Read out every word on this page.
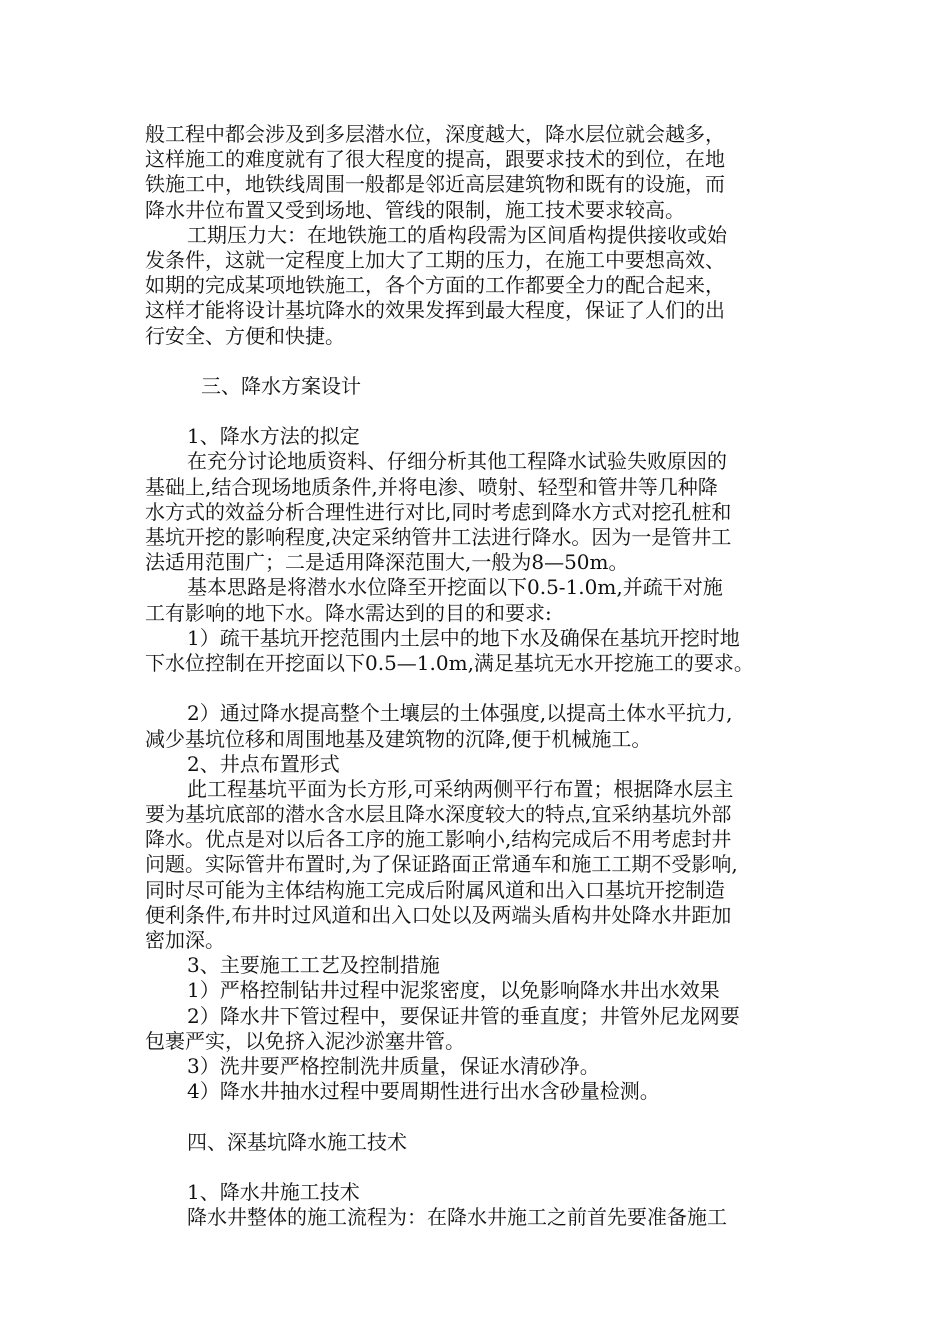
般工程中都会涉及到多层潜水位，深度越大，降水层位就会越多，
这样施工的难度就有了很大程度的提高，跟要求技术的到位，在地
铁施工中，地铁线周围一般都是邻近高层建筑物和既有的设施，而
降水井位布置又受到场地、管线的限制，施工技术要求较高。
工期压力大：在地铁施工的盾构段需为区间盾构提供接收或始
发条件，这就一定程度上加大了工期的压力，在施工中要想高效、
如期的完成某项地铁施工，各个方面的工作都要全力的配合起来，
这样才能将设计基坑降水的效果发挥到最大程度，保证了人们的出
行安全、方便和快捷。
三、降水方案设计
1、降水方法的拟定
在充分讨论地质资料、仔细分析其他工程降水试验失败原因的
基础上,结合现场地质条件,并将电渗、喷射、轻型和管井等几种降
水方式的效益分析合理性进行对比,同时考虑到降水方式对挖孔桩和
基坑开挖的影响程度,决定采纳管井工法进行降水。因为一是管井工
法适用范围广；二是适用降深范围大,一般为8—50m。
基本思路是将潜水水位降至开挖面以下0.5-1.0m,并疏干对施
工有影响的地下水。降水需达到的目的和要求:
1）疏干基坑开挖范围内土层中的地下水及确保在基坑开挖时地
下水位控制在开挖面以下0.5—1.0m,满足基坑无水开挖施工的要求。
2）通过降水提高整个土壤层的土体强度,以提高土体水平抗力,
减少基坑位移和周围地基及建筑物的沉降,便于机械施工。
2、井点布置形式
此工程基坑平面为长方形,可采纳两侧平行布置；根据降水层主
要为基坑底部的潜水含水层且降水深度较大的特点,宜采纳基坑外部
降水。优点是对以后各工序的施工影响小,结构完成后不用考虑封井
问题。实际管井布置时,为了保证路面正常通车和施工工期不受影响,
同时尽可能为主体结构施工完成后附属风道和出入口基坑开挖制造
便利条件,布井时过风道和出入口处以及两端头盾构井处降水井距加
密加深。
3、主要施工工艺及控制措施
1）严格控制钻井过程中泥浆密度，以免影响降水井出水效果
2）降水井下管过程中，要保证井管的垂直度；井管外尼龙网要
包裹严实，以免挤入泥沙淤塞井管。
3）洗井要严格控制洗井质量，保证水清砂净。
4）降水井抽水过程中要周期性进行出水含砂量检测。
四、深基坑降水施工技术
1、降水井施工技术
降水井整体的施工流程为：在降水井施工之前首先要准备施工
